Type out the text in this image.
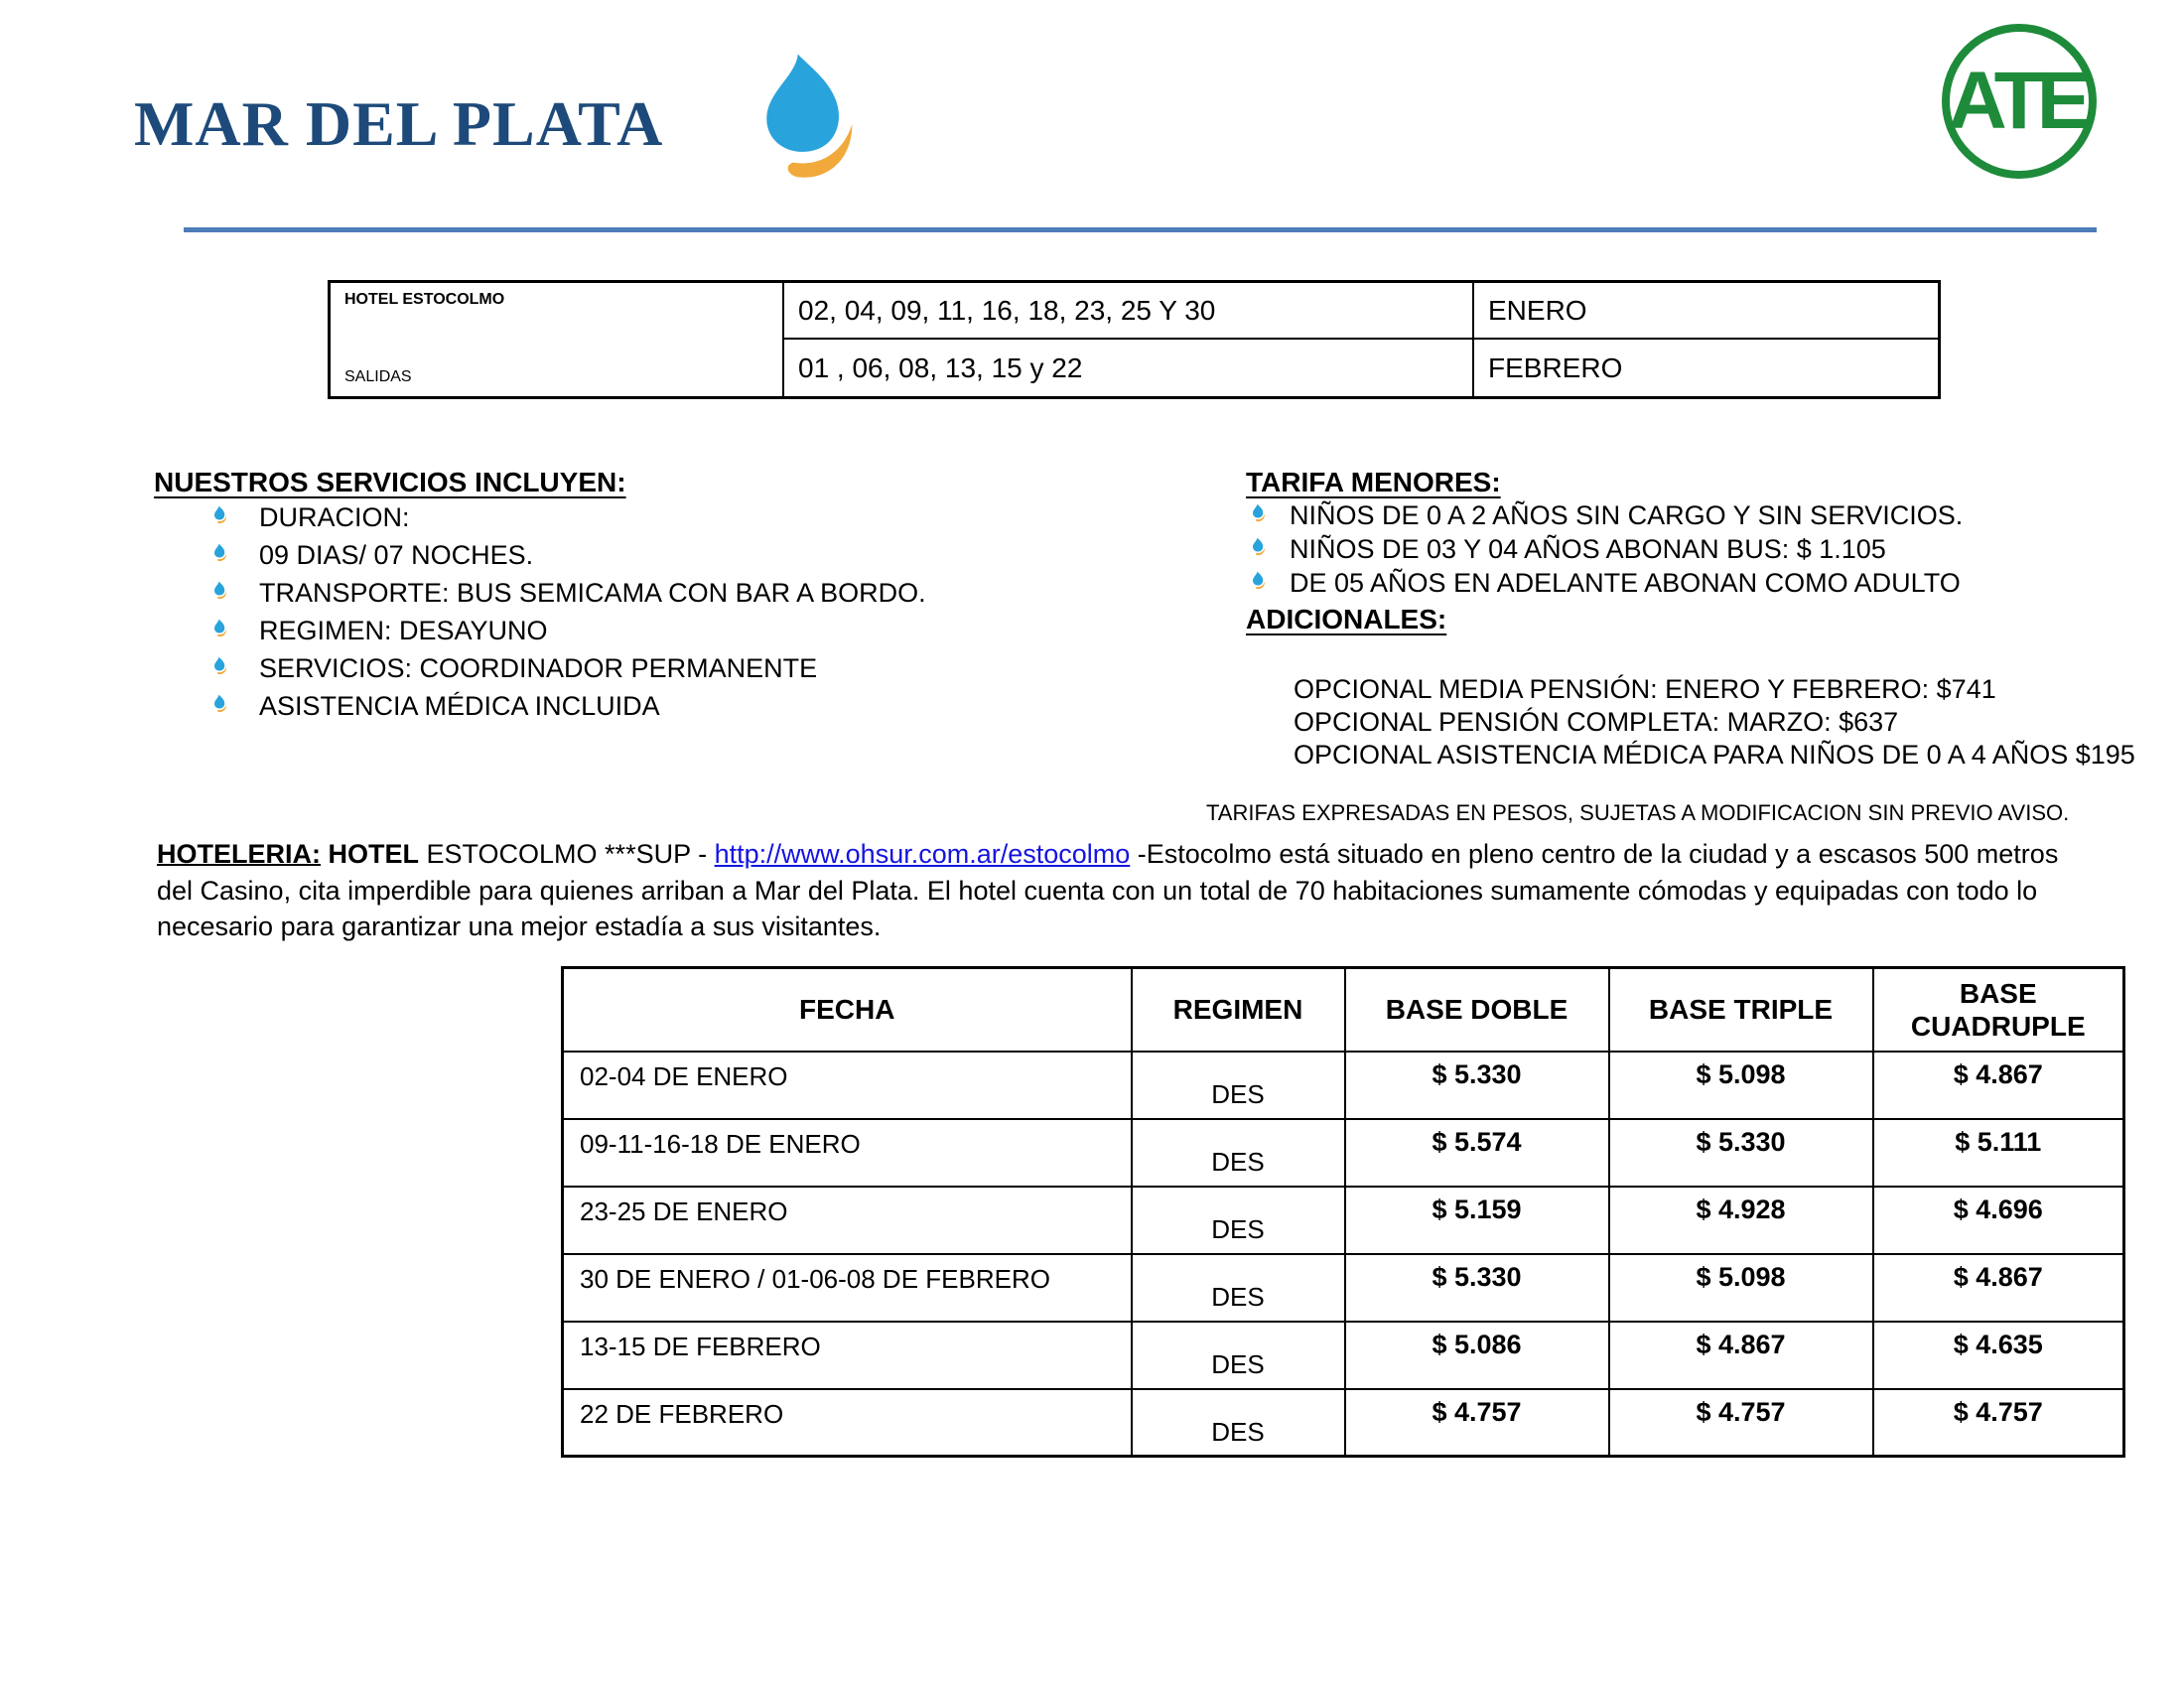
MAR DEL PLATA	ATE
HOTEL ESTOCOLMO
SALIDAS
02, 04, 09, 11, 16, 18, 23, 25 Y 30	ENERO
01 , 06, 08, 13, 15 y 22	FEBRERO
NUESTROS SERVICIOS INCLUYEN:
DURACION:
09 DIAS/ 07 NOCHES.
TRANSPORTE: BUS SEMICAMA CON BAR A BORDO.
REGIMEN: DESAYUNO
SERVICIOS: COORDINADOR PERMANENTE
ASISTENCIA MÉDICA INCLUIDA
TARIFA MENORES:
NIÑOS DE 0 A 2 AÑOS SIN CARGO Y SIN SERVICIOS.
NIÑOS DE 03 Y 04 AÑOS ABONAN BUS: $ 1.105
DE 05 AÑOS EN ADELANTE ABONAN COMO ADULTO
ADICIONALES:
OPCIONAL MEDIA PENSIÓN: ENERO Y FEBRERO: $741
OPCIONAL PENSIÓN COMPLETA: MARZO: $637
OPCIONAL ASISTENCIA MÉDICA PARA NIÑOS DE 0 A 4 AÑOS $195
TARIFAS EXPRESADAS EN PESOS, SUJETAS A MODIFICACION SIN PREVIO AVISO.

HOTELERIA: HOTEL ESTOCOLMO ***SUP - http://www.ohsur.com.ar/estocolmo -Estocolmo está situado en pleno centro de la ciudad y a escasos 500 metros del Casino, cita imperdible para quienes arriban a Mar del Plata. El hotel cuenta con un total de 70 habitaciones sumamente cómodas y equipadas con todo lo necesario para garantizar una mejor estadía a sus visitantes.

FECHA	REGIMEN	BASE DOBLE	BASE TRIPLE	BASE CUADRUPLE
02-04 DE ENERO	DES	$ 5.330	$ 5.098	$ 4.867
09-11-16-18 DE ENERO	DES	$ 5.574	$ 5.330	$ 5.111
23-25 DE ENERO	DES	$ 5.159	$ 4.928	$ 4.696
30 DE ENERO / 01-06-08 DE FEBRERO	DES	$ 5.330	$ 5.098	$ 4.867
13-15 DE FEBRERO	DES	$ 5.086	$ 4.867	$ 4.635
22 DE FEBRERO	DES	$ 4.757	$ 4.757	$ 4.757
